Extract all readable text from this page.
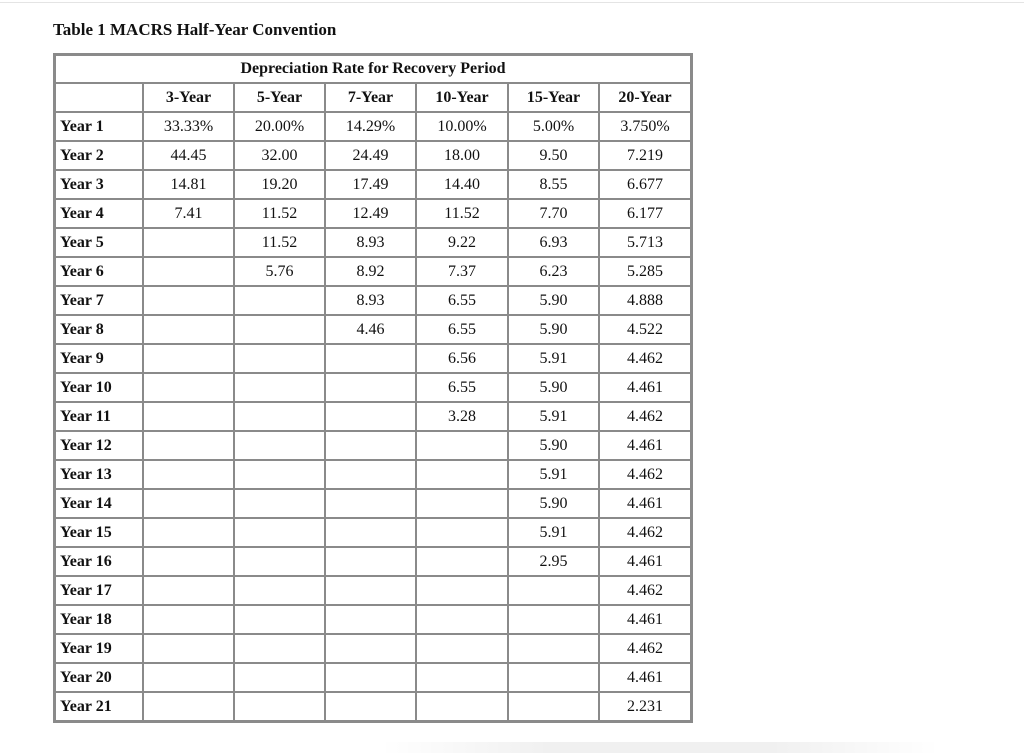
Table 1 MACRS Half-Year Convention
Depreciation Rate for Recovery Period						
	3-Year	5-Year	7-Year	10-Year	15-Year	20-Year
Year 1	33.33%	20.00%	14.29%	10.00%	5.00%	3.750%
Year 2	44.45	32.00	24.49	18.00	9.50	7.219
Year 3	14.81	19.20	17.49	14.40	8.55	6.677
Year 4	7.41	11.52	12.49	11.52	7.70	6.177
Year 5		11.52	8.93	9.22	6.93	5.713
Year 6		5.76	8.92	7.37	6.23	5.285
Year 7			8.93	6.55	5.90	4.888
Year 8			4.46	6.55	5.90	4.522
Year 9				6.56	5.91	4.462
Year 10				6.55	5.90	4.461
Year 11				3.28	5.91	4.462
Year 12					5.90	4.461
Year 13					5.91	4.462
Year 14					5.90	4.461
Year 15					5.91	4.462
Year 16					2.95	4.461
Year 17						4.462
Year 18						4.461
Year 19						4.462
Year 20						4.461
Year 21						2.231
